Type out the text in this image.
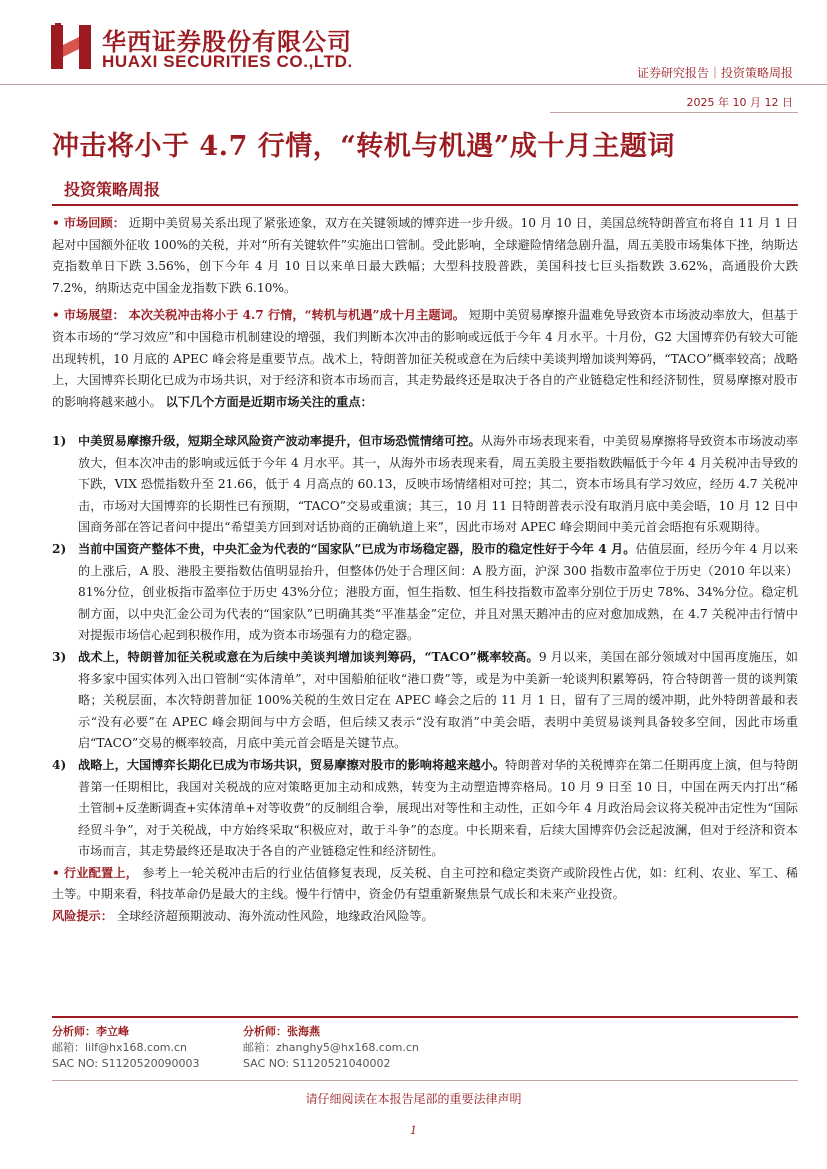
华西证券股份有限公司
HUAXI SECURITIES CO.,LTD.
证券研究报告｜投资策略周报
2025 年 10 月 12 日
冲击将小于 4.7 行情，“转机与机遇”成十月主题词
投资策略周报

• 市场回顾： 近期中美贸易关系出现了紧张迹象，双方在关键领域的博弈进一步升级。10 月 10 日，美国总统特朗普宣布将自 11 月 1 日起对中国额外征收 100%的关税，并对“所有关键软件”实施出口管制。受此影响，全球避险情绪急剧升温，周五美股市场集体下挫，纳斯达克指数单日下跌 3.56%，创下今年 4 月 10 日以来单日最大跌幅；大型科技股普跌，美国科技七巨头指数跌 3.62%，高通股价大跌 7.2%，纳斯达克中国金龙指数下跌 6.10%。

• 市场展望： 本次关税冲击将小于 4.7 行情，“转机与机遇”成十月主题词。 短期中美贸易摩擦升温难免导致资本市场波动率放大，但基于资本市场的“学习效应”和中国稳市机制建设的增强，我们判断本次冲击的影响或远低于今年 4 月水平。十月份，G2 大国博弈仍有较大可能出现转机，10 月底的 APEC 峰会将是重要节点。战术上，特朗普加征关税或意在为后续中美谈判增加谈判筹码，“TACO”概率较高；战略上，大国博弈长期化已成为市场共识，对于经济和资本市场而言，其走势最终还是取决于各自的产业链稳定性和经济韧性，贸易摩擦对股市的影响将越来越小。 以下几个方面是近期市场关注的重点：

1) 中美贸易摩擦升级，短期全球风险资产波动率提升，但市场恐慌情绪可控。从海外市场表现来看，中美贸易摩擦将导致资本市场波动率放大，但本次冲击的影响或远低于今年 4 月水平。其一，从海外市场表现来看，周五美股主要指数跌幅低于今年 4 月关税冲击导致的下跌，VIX 恐慌指数升至 21.66，低于 4 月高点的 60.13，反映市场情绪相对可控；其二，资本市场具有学习效应，经历 4.7 关税冲击，市场对大国博弈的长期性已有预期，“TACO”交易或重演；其三，10 月 11 日特朗普表示没有取消月底中美会晤，10 月 12 日中国商务部在答记者问中提出“希望美方回到对话协商的正确轨道上来”，因此市场对 APEC 峰会期间中美元首会晤抱有乐观期待。
2) 当前中国资产整体不贵，中央汇金为代表的“国家队”已成为市场稳定器，股市的稳定性好于今年 4 月。估值层面，经历今年 4 月以来的上涨后，A 股、港股主要指数估值明显抬升，但整体仍处于合理区间：A 股方面，沪深 300 指数市盈率位于历史（2010 年以来）81%分位，创业板指市盈率位于历史 43%分位；港股方面，恒生指数、恒生科技指数市盈率分别位于历史 78%、34%分位。稳定机制方面，以中央汇金公司为代表的“国家队”已明确其类“平准基金”定位，并且对黑天鹅冲击的应对愈加成熟，在 4.7 关税冲击行情中对提振市场信心起到积极作用，成为资本市场强有力的稳定器。
3) 战术上，特朗普加征关税或意在为后续中美谈判增加谈判筹码，“TACO”概率较高。9 月以来，美国在部分领域对中国再度施压，如将多家中国实体列入出口管制“实体清单”，对中国船舶征收“港口费”等，或是为中美新一轮谈判积累筹码，符合特朗普一贯的谈判策略；关税层面，本次特朗普加征 100%关税的生效日定在 APEC 峰会之后的 11 月 1 日，留有了三周的缓冲期，此外特朗普最和表示“没有必要”在 APEC 峰会期间与中方会晤，但后续又表示“没有取消”中美会晤，表明中美贸易谈判具备较多空间，因此市场重启“TACO”交易的概率较高，月底中美元首会晤是关键节点。
4) 战略上，大国博弈长期化已成为市场共识，贸易摩擦对股市的影响将越来越小。特朗普对华的关税博弈在第二任期再度上演，但与特朗普第一任期相比，我国对关税战的应对策略更加主动和成熟，转变为主动塑造博弈格局。10 月 9 日至 10 日，中国在两天内打出“稀土管制+反垄断调查+实体清单+对等收费”的反制组合拳，展现出对等性和主动性，正如今年 4 月政治局会议将关税冲击定性为“国际经贸斗争”，对于关税战，中方始终采取“积极应对，敢于斗争”的态度。中长期来看，后续大国博弈仍会泛起波澜，但对于经济和资本市场而言，其走势最终还是取决于各自的产业链稳定性和经济韧性。

• 行业配置上， 参考上一轮关税冲击后的行业估值修复表现，反关税、自主可控和稳定类资产或阶段性占优，如：红利、农业、军工、稀土等。中期来看，科技革命仍是最大的主线。慢牛行情中，资金仍有望重新聚焦景气成长和未来产业投资。

风险提示： 全球经济超预期波动、海外流动性风险，地缘政治风险等。

分析师：李立峰
邮箱：lilf@hx168.com.cn
SAC NO: S1120520090003
分析师：张海燕
邮箱：zhanghy5@hx168.com.cn
SAC NO: S1120521040002
请仔细阅读在本报告尾部的重要法律声明
1
